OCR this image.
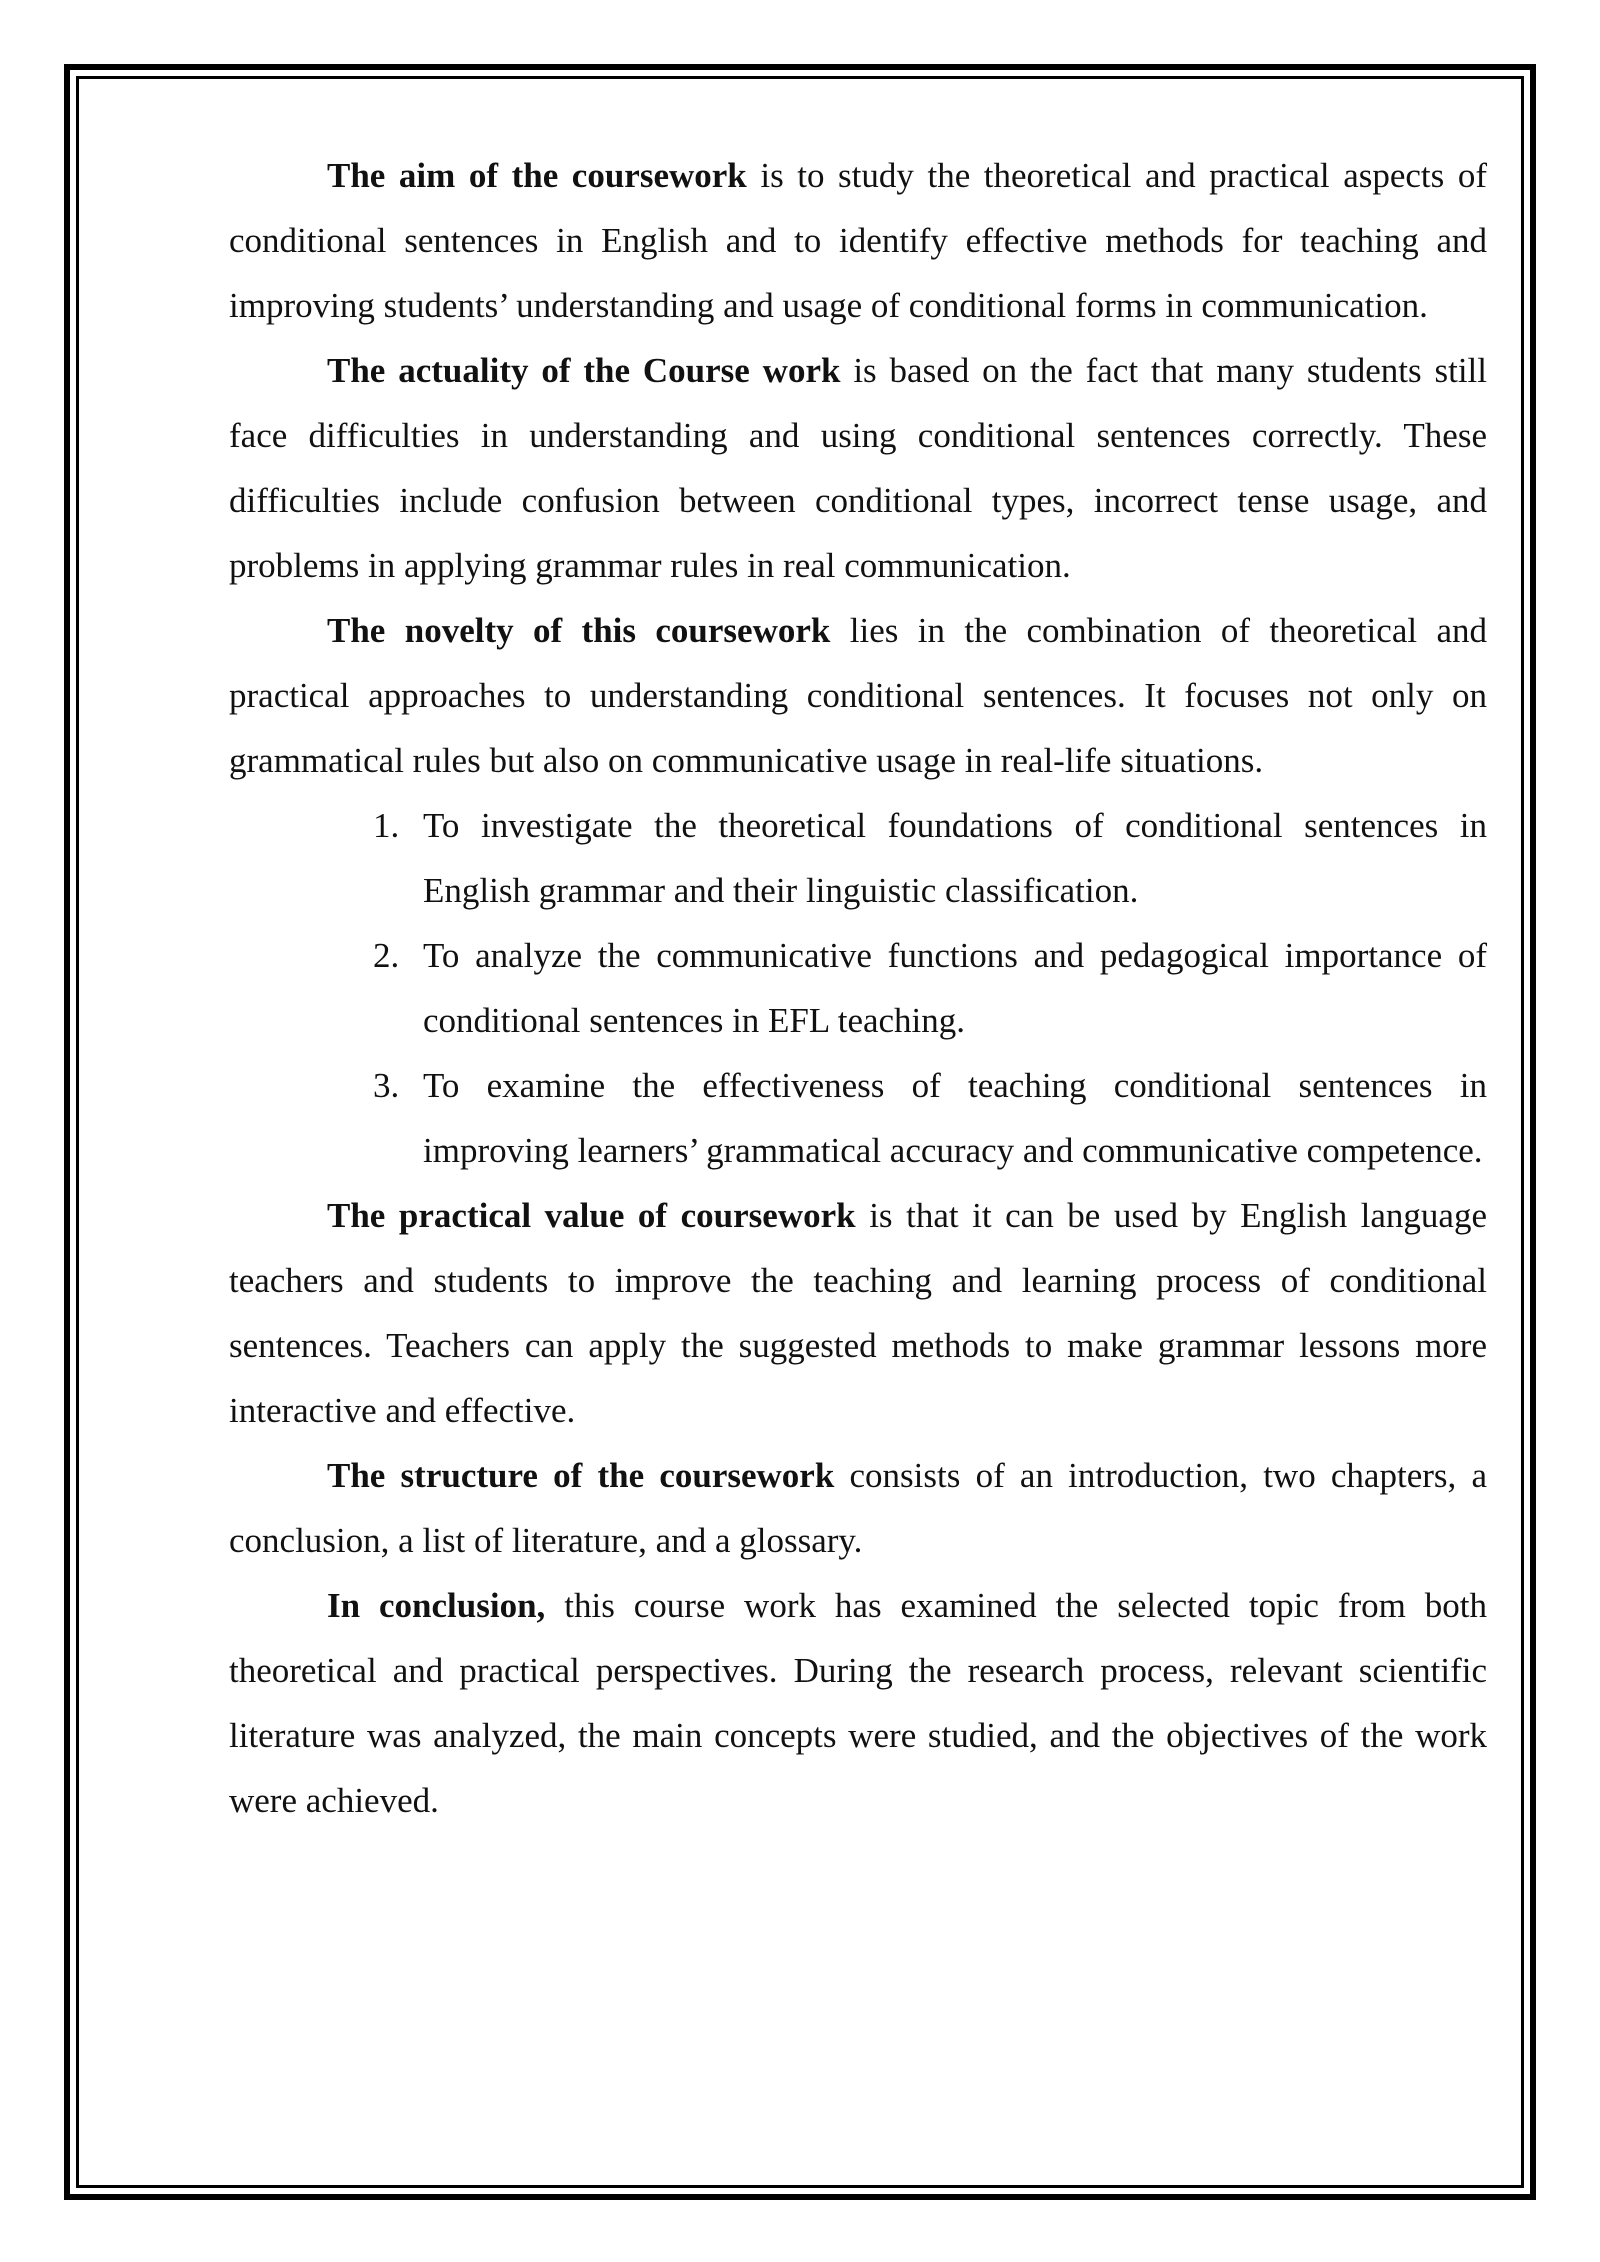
The aim of the coursework is to study the theoretical and practical aspects of conditional sentences in English and to identify effective methods for teaching and improving students’ understanding and usage of conditional forms in communication.

The actuality of the Course work is based on the fact that many students still face difficulties in understanding and using conditional sentences correctly. These difficulties include confusion between conditional types, incorrect tense usage, and problems in applying grammar rules in real communication.

The novelty of this coursework lies in the combination of theoretical and practical approaches to understanding conditional sentences. It focuses not only on grammatical rules but also on communicative usage in real-life situations.

1. To investigate the theoretical foundations of conditional sentences in English grammar and their linguistic classification.
2. To analyze the communicative functions and pedagogical importance of conditional sentences in EFL teaching.
3. To examine the effectiveness of teaching conditional sentences in improving learners’ grammatical accuracy and communicative competence.

The practical value of coursework is that it can be used by English language teachers and students to improve the teaching and learning process of conditional sentences. Teachers can apply the suggested methods to make grammar lessons more interactive and effective.

The structure of the coursework consists of an introduction, two chapters, a conclusion, a list of literature, and a glossary.

In conclusion, this course work has examined the selected topic from both theoretical and practical perspectives. During the research process, relevant scientific literature was analyzed, the main concepts were studied, and the objectives of the work were achieved.
